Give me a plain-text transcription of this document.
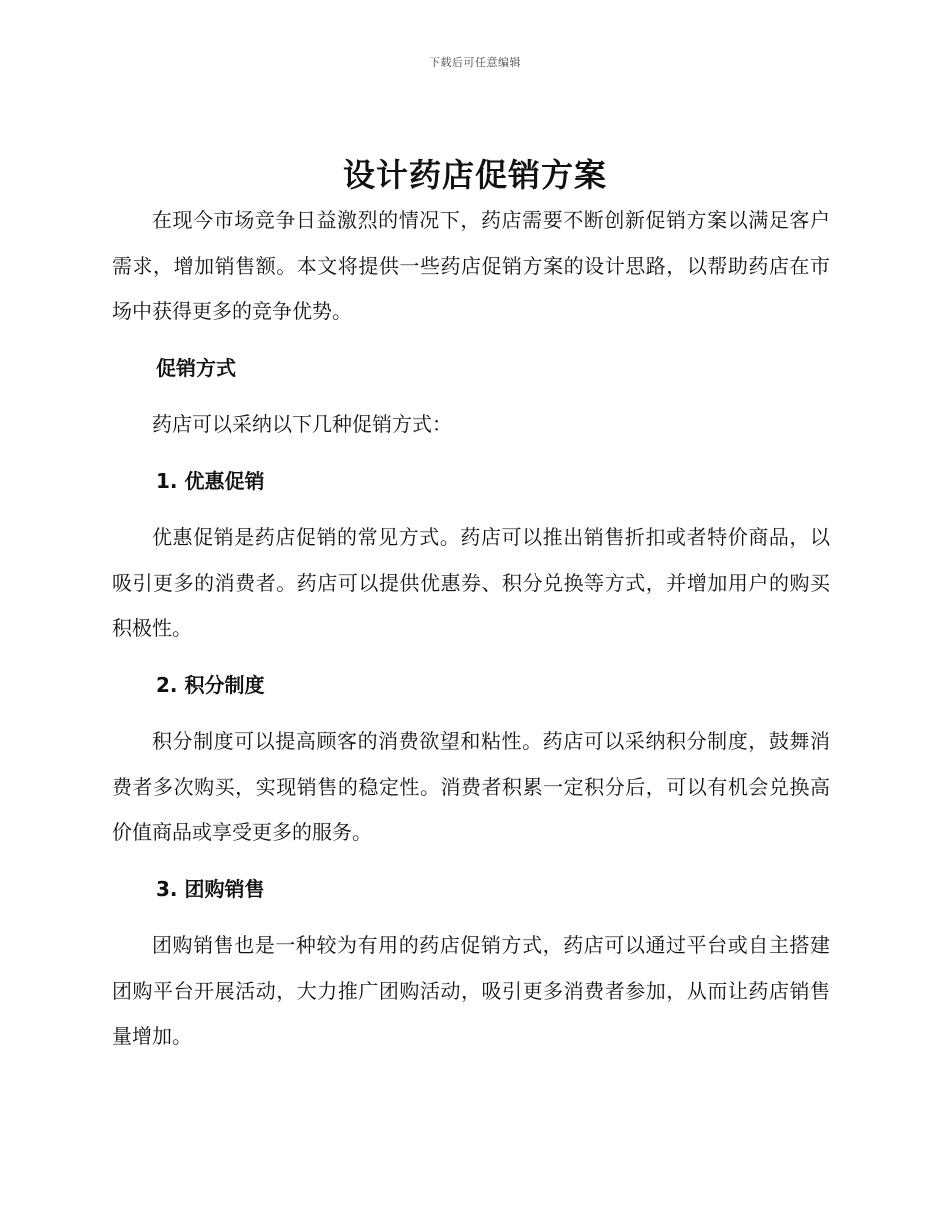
下载后可任意编辑
设计药店促销方案

在现今市场竞争日益激烈的情况下，药店需要不断创新促销方案以满足客户需求，增加销售额。本文将提供一些药店促销方案的设计思路，以帮助药店在市场中获得更多的竞争优势。

促销方式

药店可以采纳以下几种促销方式：

1. 优惠促销

优惠促销是药店促销的常见方式。药店可以推出销售折扣或者特价商品，以吸引更多的消费者。药店可以提供优惠券、积分兑换等方式，并增加用户的购买积极性。

2. 积分制度

积分制度可以提高顾客的消费欲望和粘性。药店可以采纳积分制度，鼓舞消费者多次购买，实现销售的稳定性。消费者积累一定积分后，可以有机会兑换高价值商品或享受更多的服务。

3. 团购销售

团购销售也是一种较为有用的药店促销方式，药店可以通过平台或自主搭建团购平台开展活动，大力推广团购活动，吸引更多消费者参加，从而让药店销售量增加。
